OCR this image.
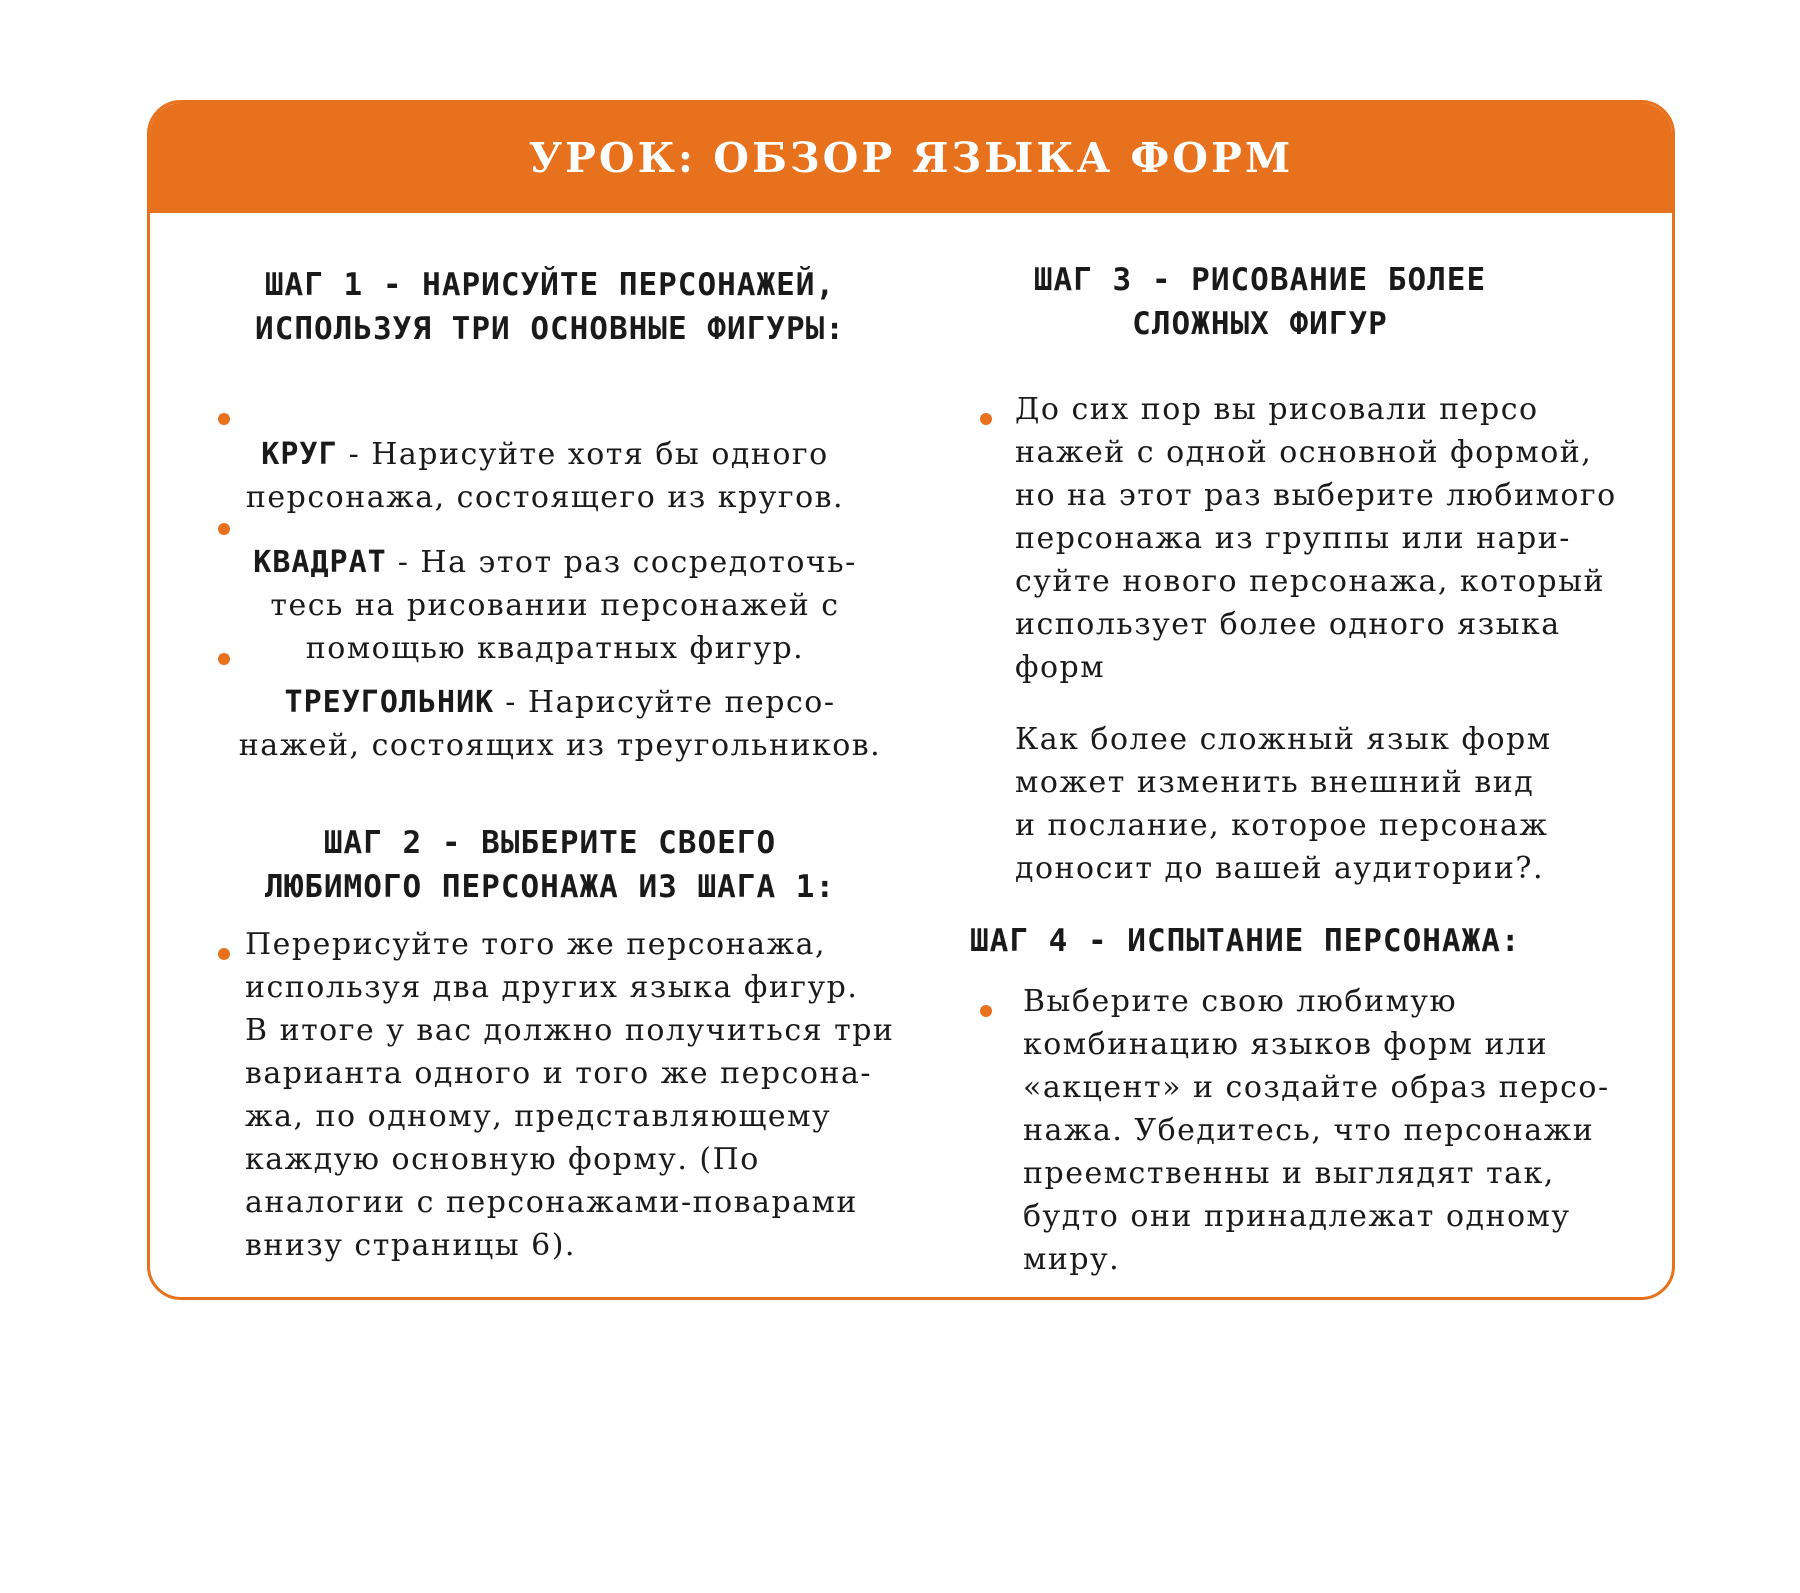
УРОК: ОБЗОР ЯЗЫКА ФОРМ
ШАГ 1 - НАРИСУЙТЕ ПЕРСОНАЖЕЙ,
ИСПОЛЬЗУЯ ТРИ ОСНОВНЫЕ ФИГУРЫ:

КРУГ - Нарисуйте хотя бы одного
персонажа, состоящего из кругов.

КВАДРАТ - На этот раз сосредоточь-
тесь на рисовании персонажей с
помощью квадратных фигур.

ТРЕУГОЛЬНИК - Нарисуйте персо-
нажей, состоящих из треугольников.

ШАГ 2 - ВЫБЕРИТЕ СВОЕГО
ЛЮБИМОГО ПЕРСОНАЖА ИЗ ШАГА 1:
Перерисуйте того же персонажа,
используя два других языка фигур.
В итоге у вас должно получиться три
варианта одного и того же персона-
жа, по одному, представляющему
каждую основную форму. (По
аналогии с персонажами-поварами
внизу страницы 6).
ШАГ 3 - РИСОВАНИЕ БОЛЕЕ
СЛОЖНЫХ ФИГУР
До сих пор вы рисовали персо
нажей с одной основной формой,
но на этот раз выберите любимого
персонажа из группы или нари-
суйте нового персонажа, который
использует более одного языка
форм
Как более сложный язык форм
может изменить внешний вид
и послание, которое персонаж
доносит до вашей аудитории?.
ШАГ 4 - ИСПЫТАНИЕ ПЕРСОНАЖА:
Выберите свою любимую
комбинацию языков форм или
«акцент» и создайте образ персо-
нажа. Убедитесь, что персонажи
преемственны и выглядят так,
будто они принадлежат одному
миру.
